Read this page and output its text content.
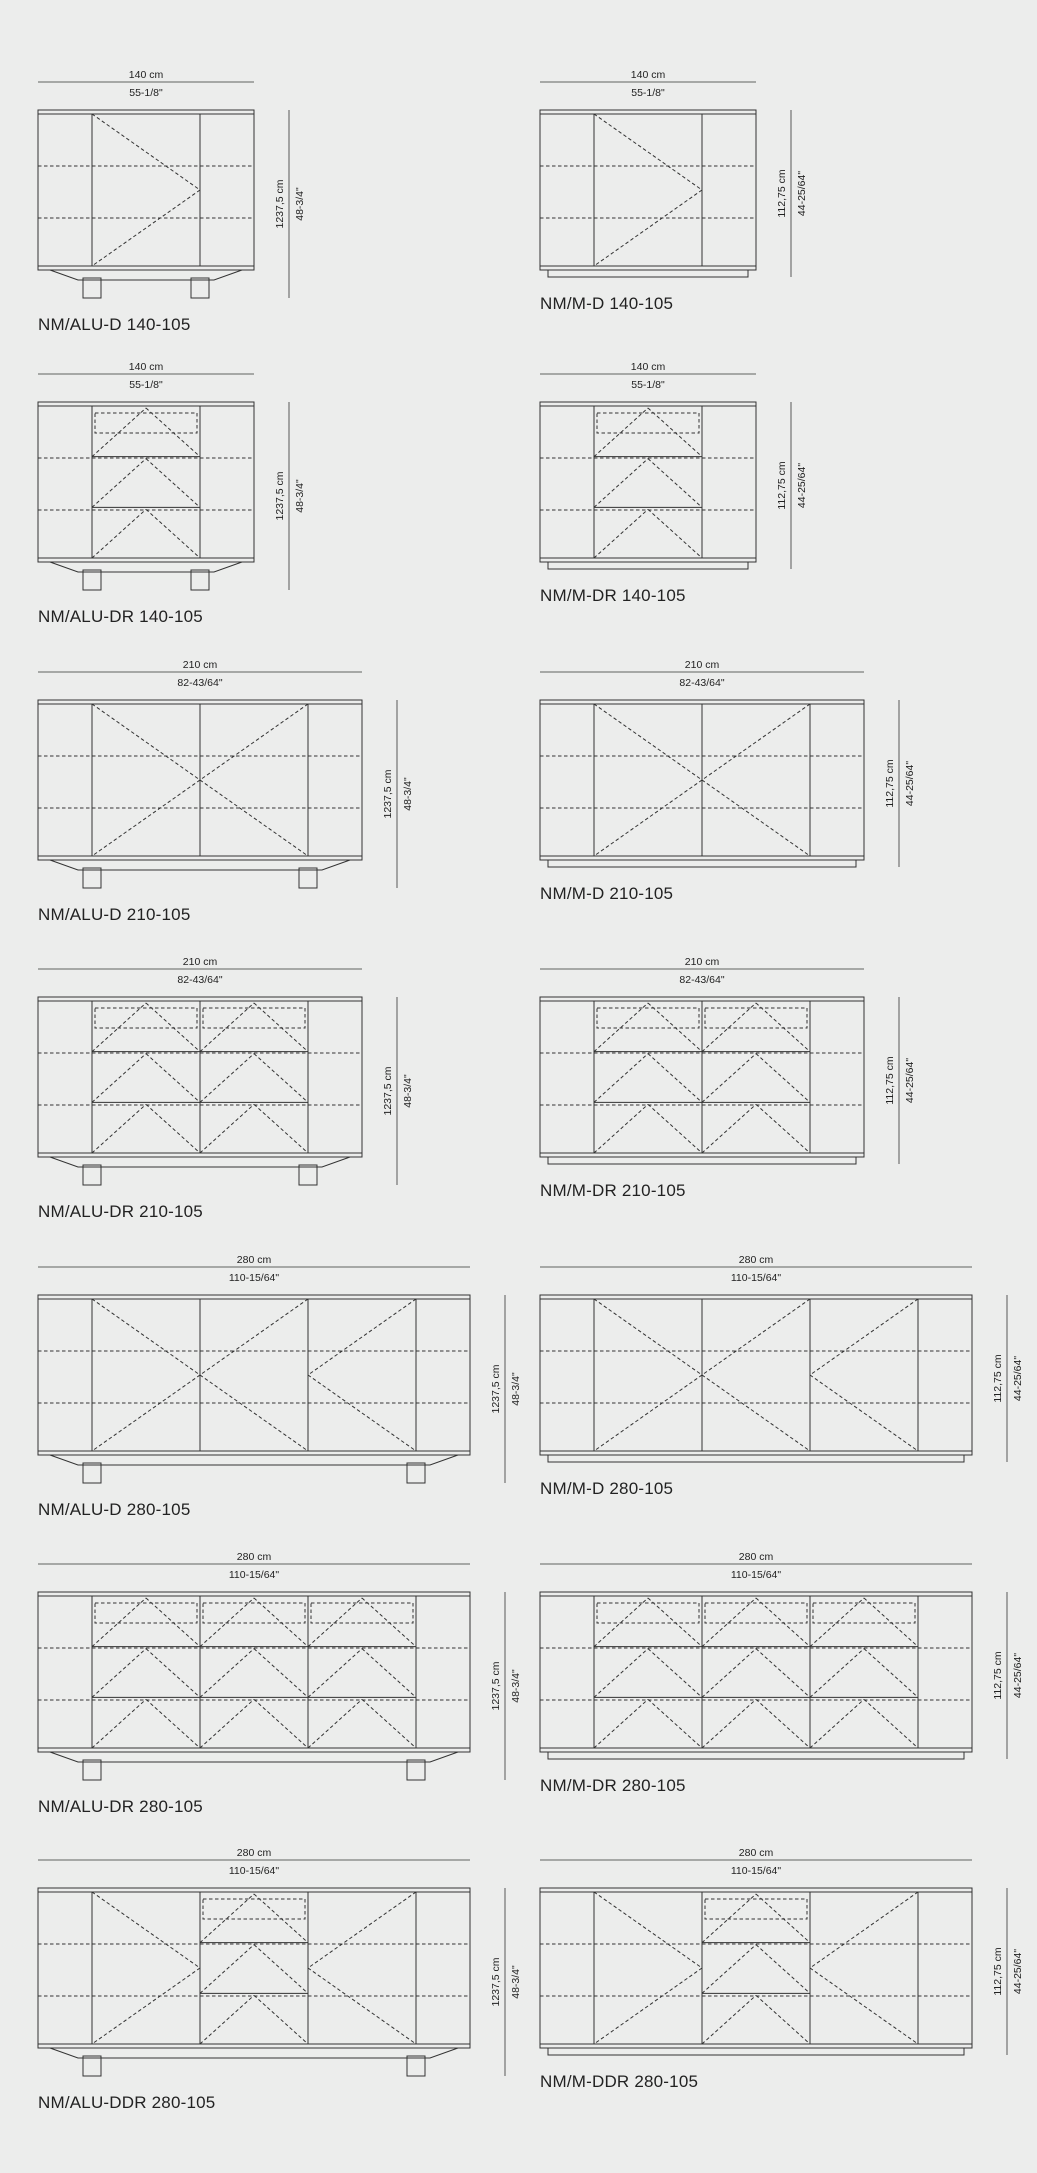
140 cm
55-1/8"
1237,5 cm 48-3/4"
NM/ALU-D 140-105
140 cm
55-1/8"
112,75 cm 44-25/64"
NM/M-D 140-105
140 cm
55-1/8"
1237,5 cm 48-3/4"
NM/ALU-DR 140-105
140 cm
55-1/8"
112,75 cm 44-25/64"
NM/M-DR 140-105
210 cm
82-43/64"
1237,5 cm 48-3/4"
NM/ALU-D 210-105
210 cm
82-43/64"
112,75 cm 44-25/64"
NM/M-D 210-105
210 cm
82-43/64"
1237,5 cm 48-3/4"
NM/ALU-DR 210-105
210 cm
82-43/64"
112,75 cm 44-25/64"
NM/M-DR 210-105
280 cm
110-15/64"
1237,5 cm 48-3/4"
NM/ALU-D 280-105
280 cm
110-15/64"
112,75 cm 44-25/64"
NM/M-D 280-105
280 cm
110-15/64"
1237,5 cm 48-3/4"
NM/ALU-DR 280-105
280 cm
110-15/64"
112,75 cm 44-25/64"
NM/M-DR 280-105
280 cm
110-15/64"
1237,5 cm 48-3/4"
NM/ALU-DDR 280-105
280 cm
110-15/64"
112,75 cm 44-25/64"
NM/M-DDR 280-105
